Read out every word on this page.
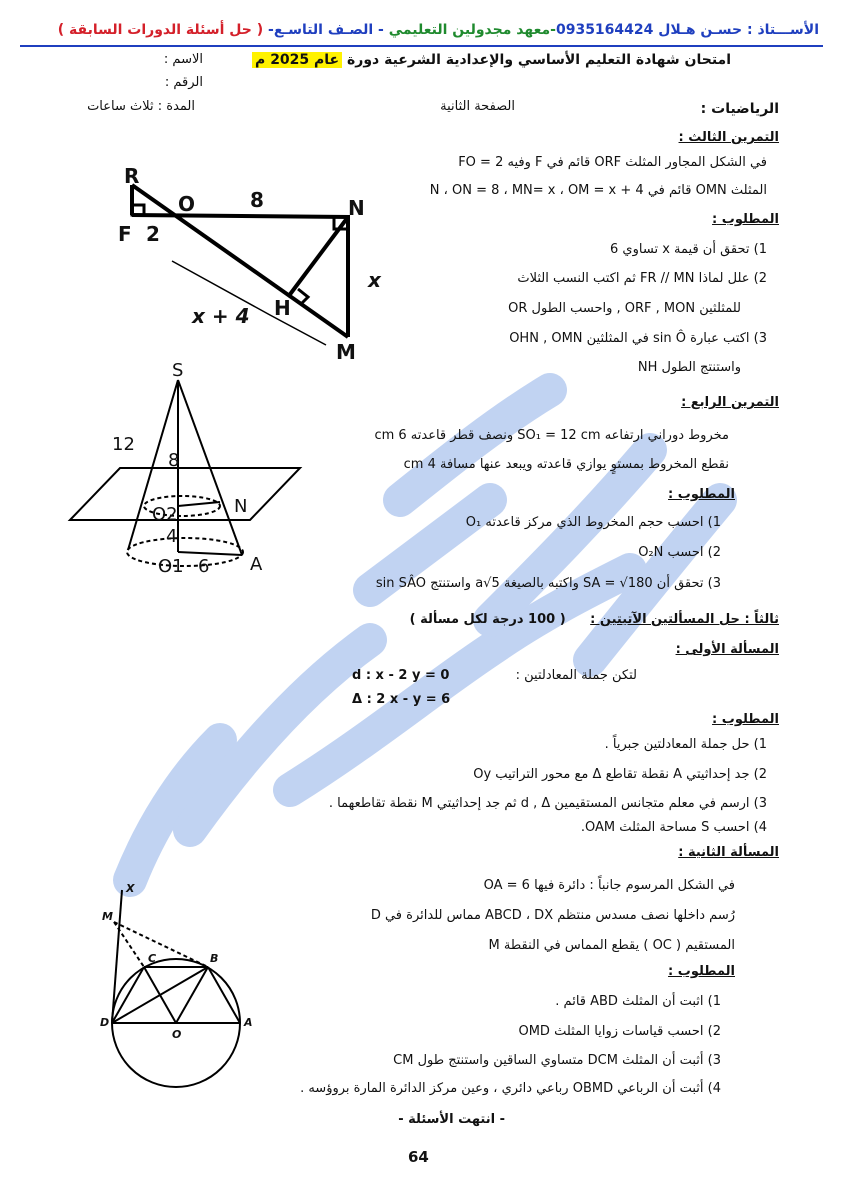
الأســـتاذ : حسـن هـلال 0935164424-معهد مجدولين التعليمي - الصـف التاسـع- ( حل أسئلة الدورات السابقة )
امتحان شهادة التعليم الأساسي والإعدادية الشرعية دورة عام 2025 م
الاسم :
الرقم :
الرياضيات :
الصفحة الثانية
المدة : ثلاث ساعات
التمرين الثالث :
في الشكل المجاور المثلث ORF قائم في F وفيه FO = 2
المثلث OMN قائم في N ، ON = 8 ، MN= x ، OM = x + 4
المطلوب :
1) تحقق أن قيمة x تساوي 6
2) علل لماذا FR // MN ثم اكتب النسب الثلاث
للمثلثين ORF , MON , واحسب الطول OR
3) اكتب عبارة sin Ô في المثلثين OHN , OMN
واستنتج الطول NH
R
F 2
O	8	N
x
H
x + 4
M
التمرين الرابع :
مخروط دوراني ارتفاعه SO₁ = 12 cm ونصف قطر قاعدته 6 cm
نقطع المخروط بمستوٍ يوازي قاعدته ويبعد عنها مسافة 4 cm
المطلوب :
1) احسب حجم المخروط الذي مركز قاعدته O₁
2) احسب O₂N
3) تحقق أن SA = √180 واكتبه بالصيغة a√5 واستنتج sin SÂO
S
12
8
N
O2
4
O1 6 A
ثالثاً : حل المسألتين الآتيتين : ( 100 درجة لكل مسألة )
المسألة الأولى :
لتكن جملة المعادلتين :
d : x - 2 y = 0
Δ : 2 x - y = 6
المطلوب :
1) حل جملة المعادلتين جبرياً .
2) جد إحداثيتي A نقطة تقاطع Δ مع محور التراتيب Oy
3) ارسم في معلم متجانس المستقيمين d , Δ ثم جد إحداثيتي M نقطة تقاطعهما .
4) احسب S مساحة المثلث OAM.
المسألة الثانية :
في الشكل المرسوم جانباً : دائرة فيها OA = 6
رُسم داخلها نصف مسدس منتظم ABCD ، DX مماس للدائرة في D
المستقيم ( OC ) يقطع المماس في النقطة M
المطلوب :
1) اثبت أن المثلث ABD قائم .
2) احسب قياسات زوايا المثلث OMD
3) أثبت أن المثلث DCM متساوي الساقين واستنتج طول CM
4) أثبت أن الرباعي OBMD رباعي دائري ، وعين مركز الدائرة المارة بروؤسه .
X
M
C	B
D
O
A
- انتهت الأسئلة -
64
